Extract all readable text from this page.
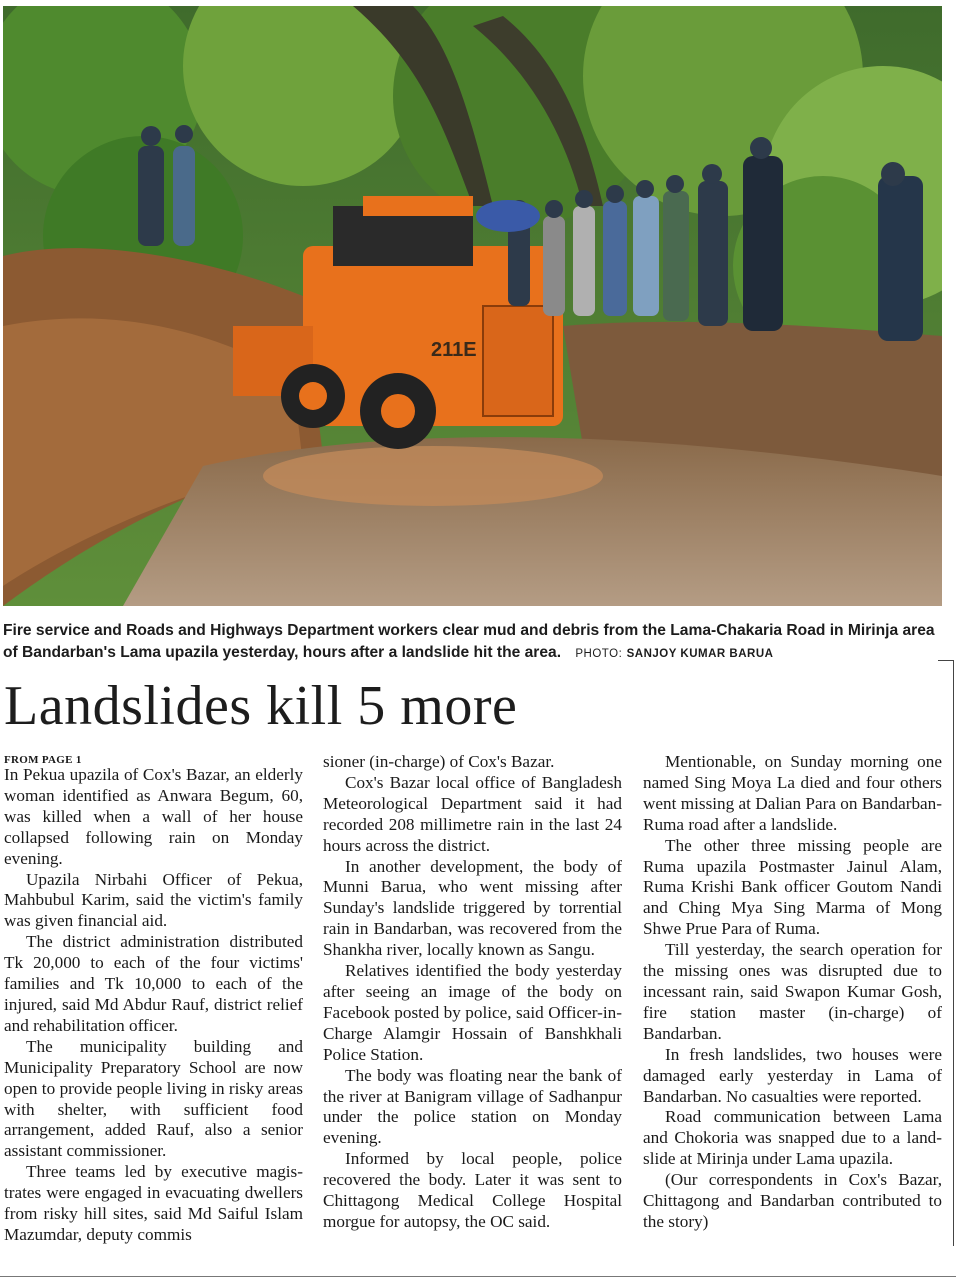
211E
Fire service and Roads and Highways Department workers clear mud and debris from the Lama-Chakaria Road in Mirinja area of Bandarban's Lama upazila yesterday, hours after a landslide hit the area. PHOTO: SANJOY KUMAR BARUA
Landslides kill 5 more
FROM PAGE 1

In Pekua upazila of Cox's Bazar, an elderly woman identified as Anwara Begum, 60, was killed when a wall of her house collapsed following rain on Monday evening.

Upazila Nirbahi Officer of Pekua, Mahbubul Karim, said the victim's family was given financial aid.

The district administration distributed Tk 20,000 to each of the four victims' families and Tk 10,000 to each of the injured, said Md Abdur Rauf, district relief and rehabilitation officer.

The municipality building and Municipality Preparatory School are now open to provide people living in risky areas with shelter, with sufficient food arrangement, added Rauf, also a senior assistant commissioner.

Three teams led by executive magistrates were engaged in evacuating dwellers from risky hill sites, said Md Saiful Islam Mazumdar, deputy commis

sioner (in-charge) of Cox's Bazar.

Cox's Bazar local office of Bangladesh Meteorological Department said it had recorded 208 millimetre rain in the last 24 hours across the district.

In another development, the body of Munni Barua, who went missing after Sunday's landslide triggered by torrential rain in Bandarban, was recovered from the Shankha river, locally known as Sangu.

Relatives identified the body yesterday after seeing an image of the body on Facebook posted by police, said Officer-in-Charge Alamgir Hossain of Banshkhali Police Station.

The body was floating near the bank of the river at Banigram village of Sadhanpur under the police station on Monday evening.

Informed by local people, police recovered the body. Later it was sent to Chittagong Medical College Hospital morgue for autopsy, the OC said.

Mentionable, on Sunday morning one named Sing Moya La died and four others went missing at Dalian Para on Bandarban-Ruma road after a landslide.

The other three missing people are Ruma upazila Postmaster Jainul Alam, Ruma Krishi Bank officer Goutom Nandi and Ching Mya Sing Marma of Mong Shwe Prue Para of Ruma.

Till yesterday, the search operation for the missing ones was disrupted due to incessant rain, said Swapon Kumar Gosh, fire station master (in-charge) of Bandarban.

In fresh landslides, two houses were damaged early yesterday in Lama of Bandarban. No casualties were reported.

Road communication between Lama and Chokoria was snapped due to a landslide at Mirinja under Lama upazila.

(Our correspondents in Cox's Bazar, Chittagong and Bandarban contributed to the story)
